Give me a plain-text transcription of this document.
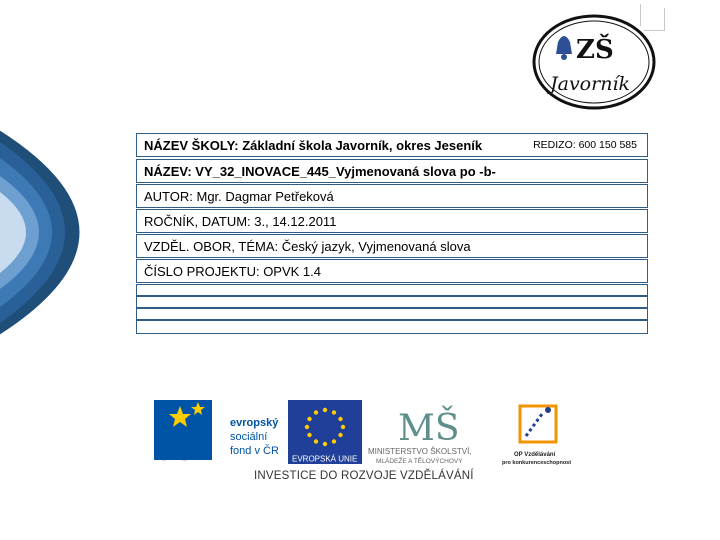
ZŠ
Javorník
NÁZEV ŠKOLY: Základní škola Javorník, okres Jeseník	REDIZO: 600 150 585
NÁZEV: VY_32_INOVACE_445_Vyjmenovaná slova po -b-
AUTOR: Mgr. Dagmar Petřeková
ROČNÍK, DATUM: 3., 14.12.2011
VZDĚL. OBOR, TÉMA: Český jazyk, Vyjmenovaná slova
ČÍSLO PROJEKTU: OPVK 1.4
esf
evropský
sociální
fond v ČR
EVROPSKÁ UNIE
MŠ
MINISTERSTVO ŠKOLSTVÍ,
MLÁDEŽE A TĚLOVÝCHOVY
OP Vzdělávání
pro konkurenceschopnost
INVESTICE DO ROZVOJE VZDĚLÁVÁNÍ
